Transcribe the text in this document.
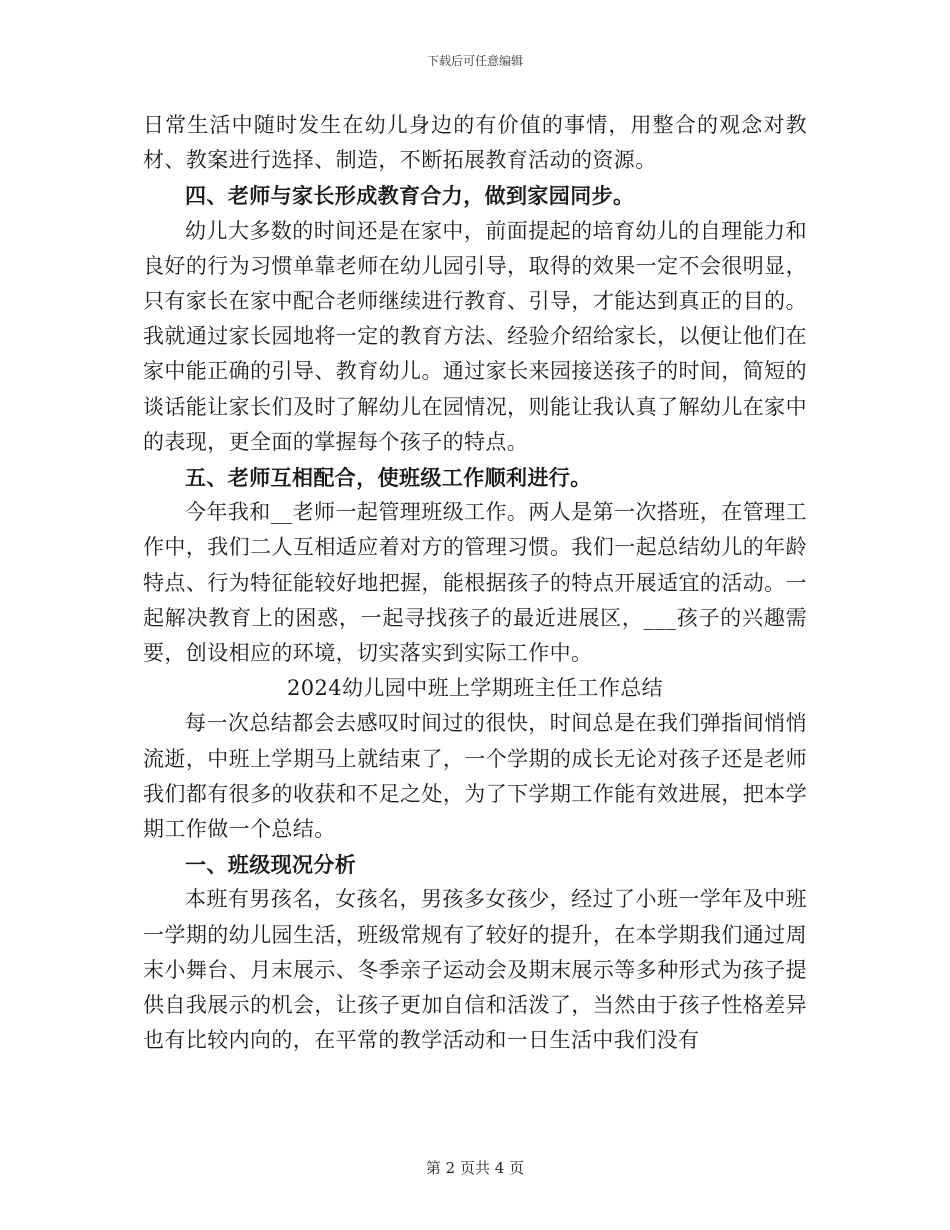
下载后可任意编辑

日常生活中随时发生在幼儿身边的有价值的事情，用整合的观念对教材、教案进行选择、制造，不断拓展教育活动的资源。

四、老师与家长形成教育合力，做到家园同步。

幼儿大多数的时间还是在家中，前面提起的培育幼儿的自理能力和良好的行为习惯单靠老师在幼儿园引导，取得的效果一定不会很明显，只有家长在家中配合老师继续进行教育、引导，才能达到真正的目的。我就通过家长园地将一定的教育方法、经验介绍给家长，以便让他们在家中能正确的引导、教育幼儿。通过家长来园接送孩子的时间，简短的谈话能让家长们及时了解幼儿在园情况，则能让我认真了解幼儿在家中的表现，更全面的掌握每个孩子的特点。

五、老师互相配合，使班级工作顺利进行。

今年我和__老师一起管理班级工作。两人是第一次搭班，在管理工作中，我们二人互相适应着对方的管理习惯。我们一起总结幼儿的年龄特点、行为特征能较好地把握，能根据孩子的特点开展适宜的活动。一起解决教育上的困惑，一起寻找孩子的最近进展区，___孩子的兴趣需要，创设相应的环境，切实落实到实际工作中。

2024幼儿园中班上学期班主任工作总结

每一次总结都会去感叹时间过的很快，时间总是在我们弹指间悄悄流逝，中班上学期马上就结束了，一个学期的成长无论对孩子还是老师我们都有很多的收获和不足之处，为了下学期工作能有效进展，把本学期工作做一个总结。

一、班级现况分析

本班有男孩名，女孩名，男孩多女孩少，经过了小班一学年及中班一学期的幼儿园生活，班级常规有了较好的提升，在本学期我们通过周末小舞台、月末展示、冬季亲子运动会及期末展示等多种形式为孩子提供自我展示的机会，让孩子更加自信和活泼了，当然由于孩子性格差异也有比较内向的，在平常的教学活动和一日生活中我们没有

第 2 页共 4 页
